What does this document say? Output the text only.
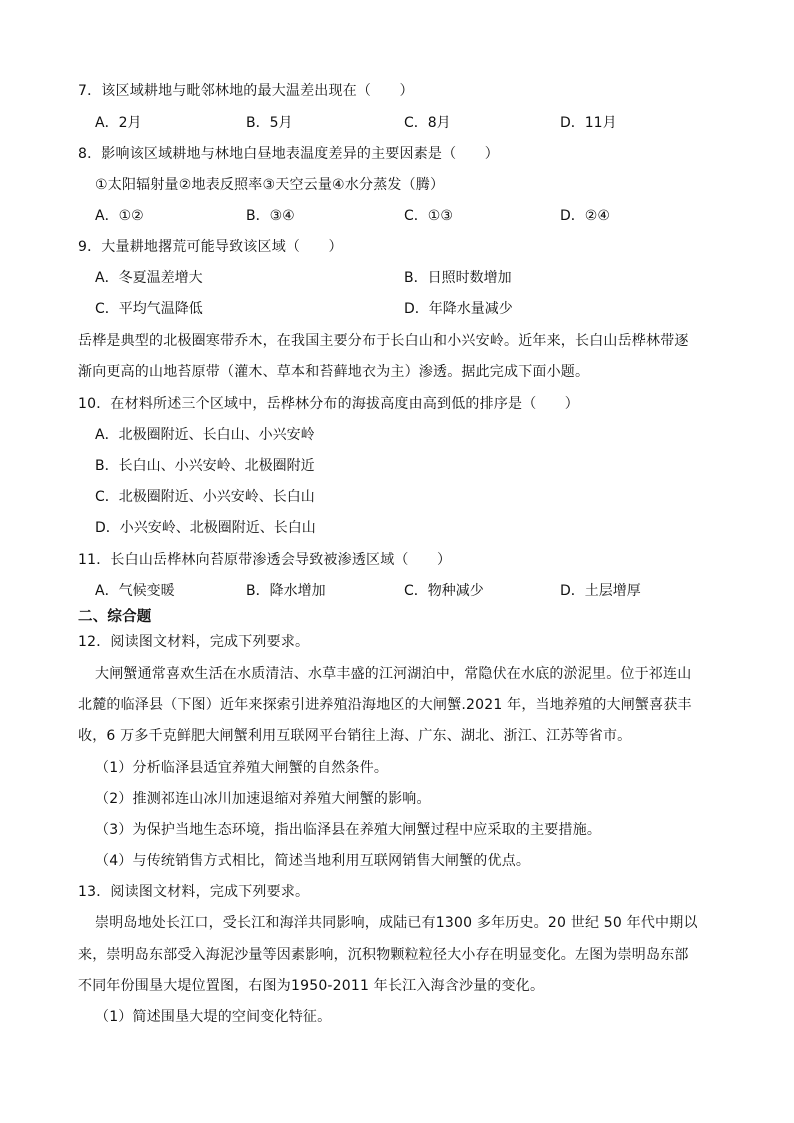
7．该区域耕地与毗邻林地的最大温差出现在（　　）
A．2月	B．5月	C．8月	D．11月
8．影响该区域耕地与林地白昼地表温度差异的主要因素是（　　）
①太阳辐射量②地表反照率③天空云量④水分蒸发（腾）
A．①②	B．③④	C．①③	D．②④
9．大量耕地撂荒可能导致该区域（　　）
A．冬夏温差增大	B．日照时数增加
C．平均气温降低	D．年降水量减少
岳桦是典型的北极圈寒带乔木，在我国主要分布于长白山和小兴安岭。近年来，长白山岳桦林带逐
渐向更高的山地苔原带（灌木、草本和苔藓地衣为主）渗透。据此完成下面小题。
10．在材料所述三个区域中，岳桦林分布的海拔高度由高到低的排序是（　　）
A．北极圈附近、长白山、小兴安岭
B．长白山、小兴安岭、北极圈附近
C．北极圈附近、小兴安岭、长白山
D．小兴安岭、北极圈附近、长白山
11．长白山岳桦林向苔原带渗透会导致被渗透区域（　　）
A．气候变暖	B．降水增加	C．物种减少	D．土层增厚
二、综合题
12．阅读图文材料，完成下列要求。
大闸蟹通常喜欢生活在水质清洁、水草丰盛的江河湖泊中，常隐伏在水底的淤泥里。位于祁连山
北麓的临泽县（下图）近年来探索引进养殖沿海地区的大闸蟹.2021 年，当地养殖的大闸蟹喜获丰
收，6 万多千克鲜肥大闸蟹利用互联网平台销往上海、广东、湖北、浙江、江苏等省市。
（1）分析临泽县适宜养殖大闸蟹的自然条件。
（2）推测祁连山冰川加速退缩对养殖大闸蟹的影响。
（3）为保护当地生态环境，指出临泽县在养殖大闸蟹过程中应采取的主要措施。
（4）与传统销售方式相比，简述当地利用互联网销售大闸蟹的优点。
13．阅读图文材料，完成下列要求。
崇明岛地处长江口，受长江和海洋共同影响，成陆已有1300 多年历史。20 世纪 50 年代中期以
来，崇明岛东部受入海泥沙量等因素影响，沉积物颗粒粒径大小存在明显变化。左图为崇明岛东部
不同年份围垦大堤位置图，右图为1950-2011 年长江入海含沙量的变化。
（1）简述围垦大堤的空间变化特征。
